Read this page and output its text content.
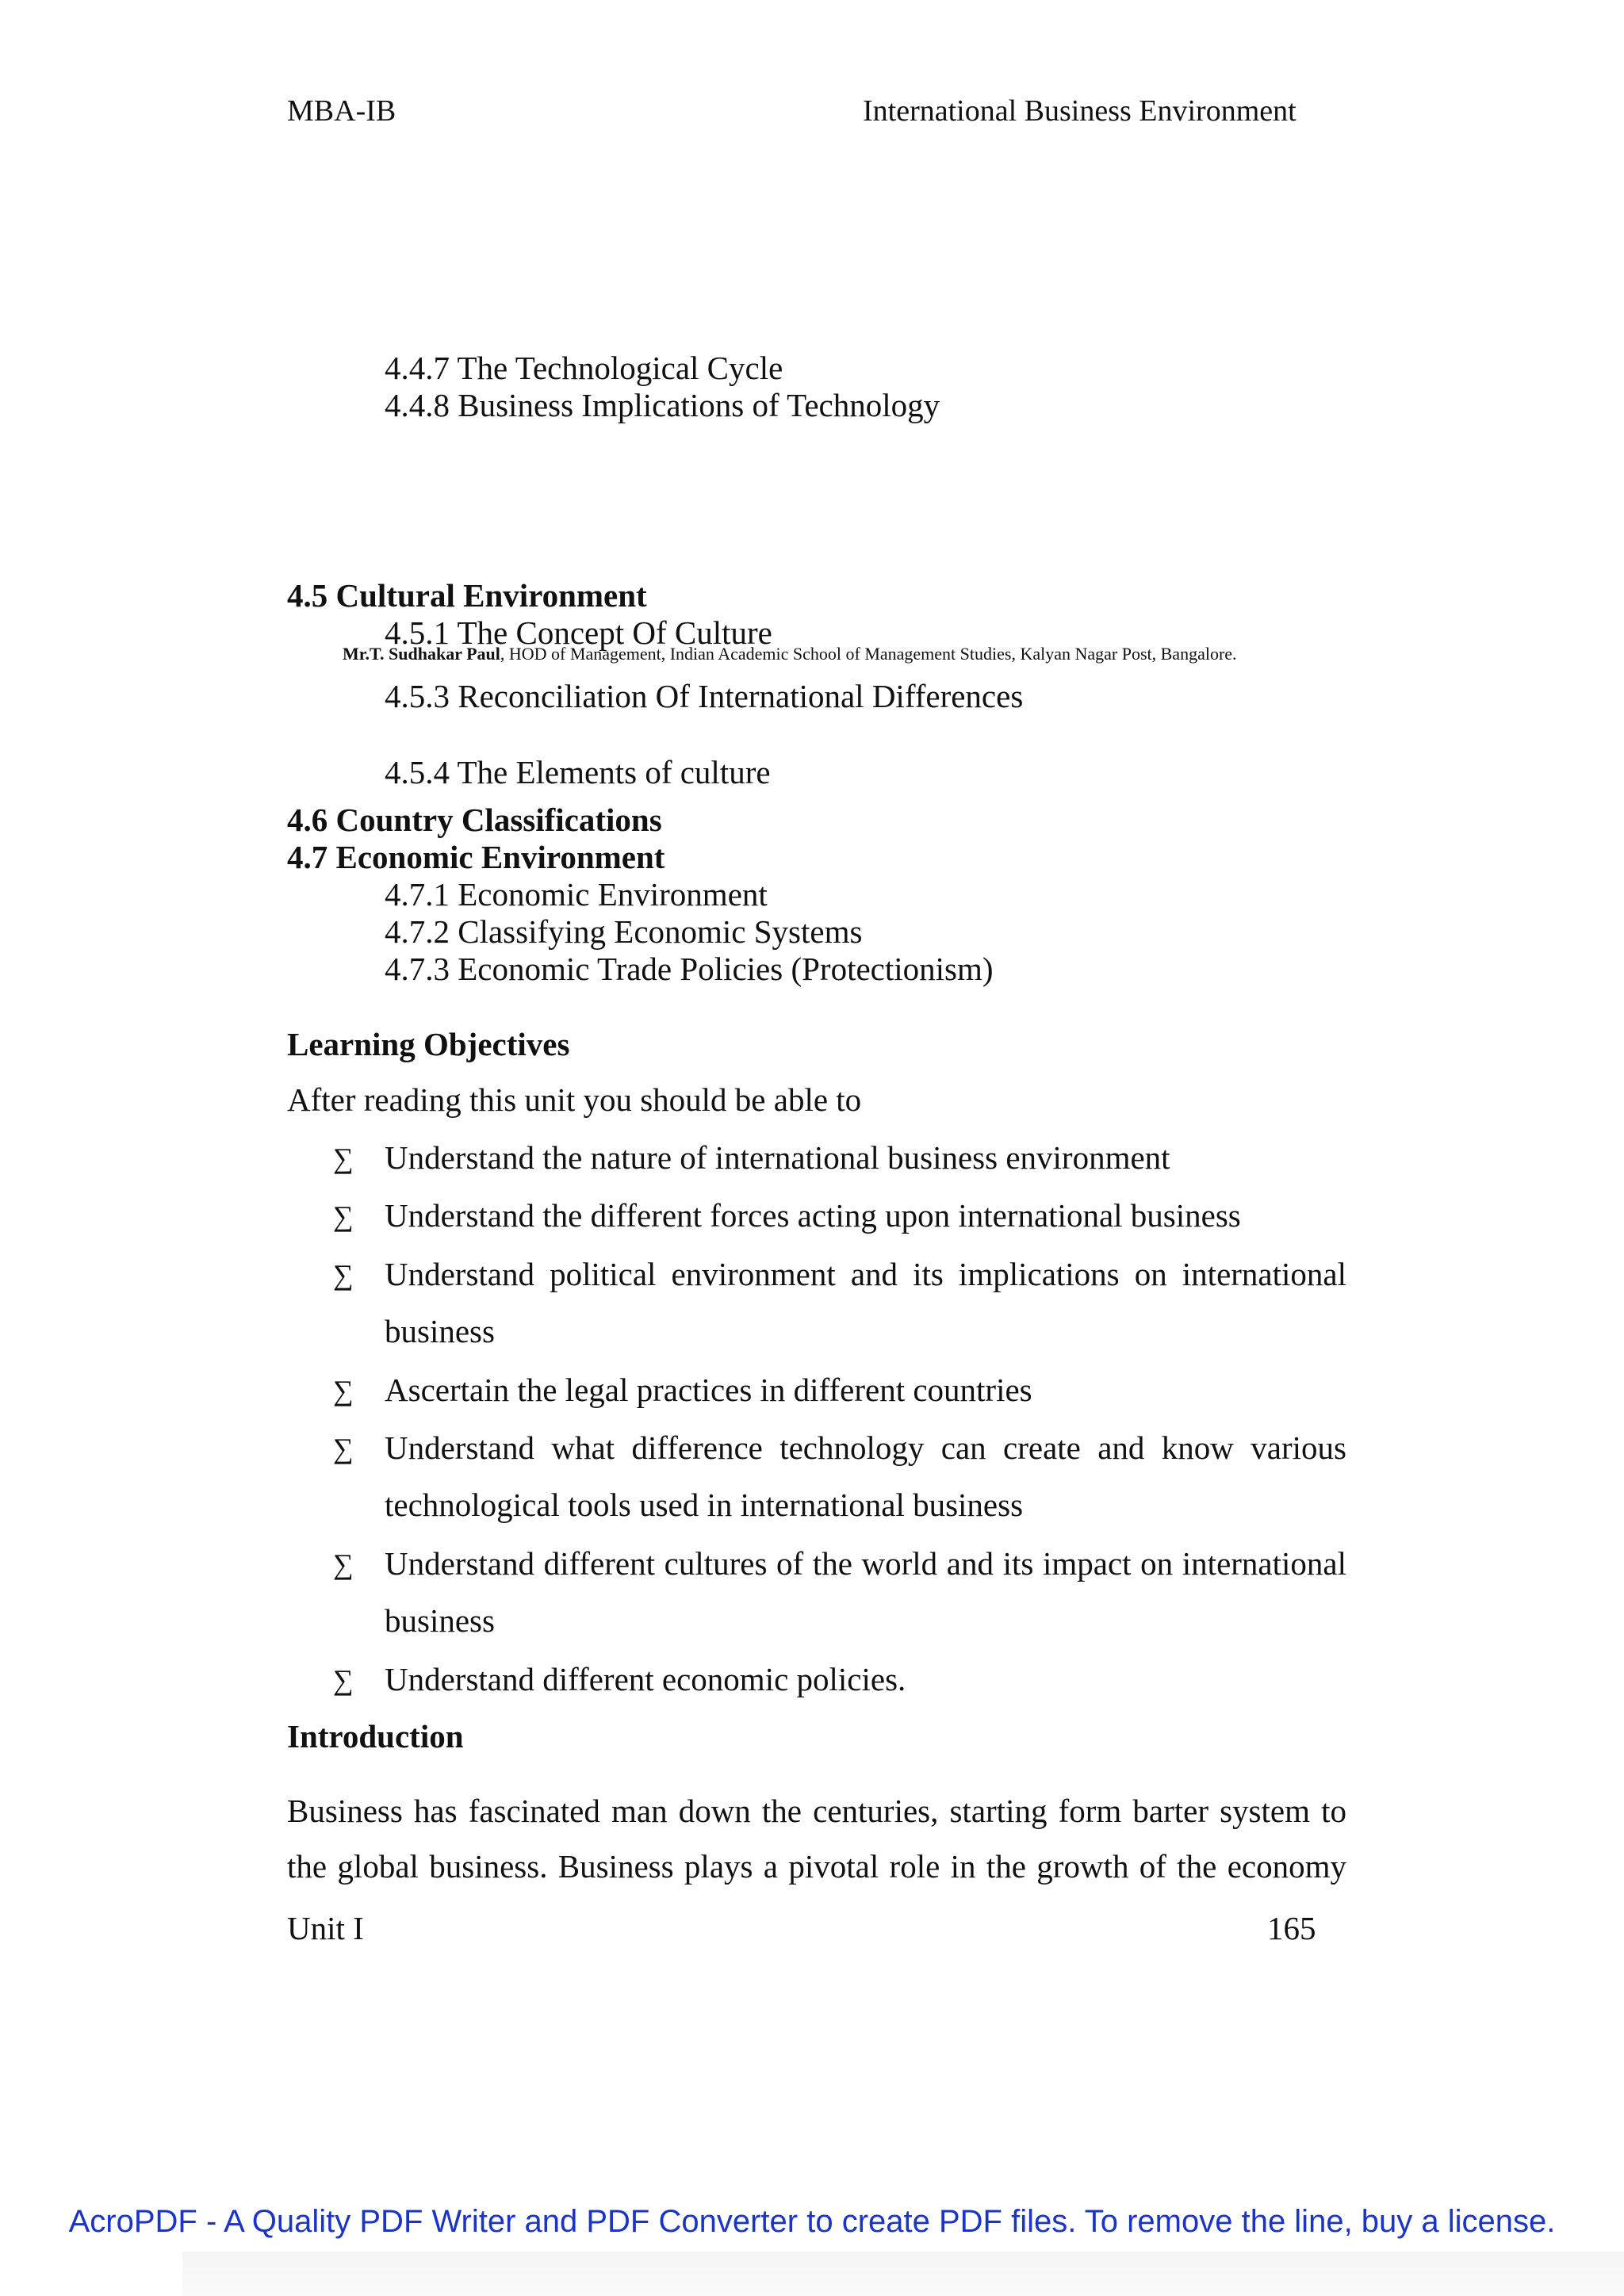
MBA-IB	International Business Environment
4.4.7 The Technological Cycle
4.4.8 Business Implications of Technology
4.5 Cultural Environment
4.5.1 The Concept Of Culture
Mr.T. Sudhakar Paul, HOD of Management, Indian Academic School of Management Studies, Kalyan Nagar Post, Bangalore.
4.5.3 Reconciliation Of International Differences
4.5.4 The Elements of culture
4.6 Country Classifications
4.7 Economic Environment
4.7.1 Economic Environment
4.7.2 Classifying Economic Systems
4.7.3 Economic Trade Policies (Protectionism)
Learning Objectives
After reading this unit you should be able to
∑ Understand the nature of international business environment
∑ Understand the different forces acting upon international business
∑ Understand political environment and its implications on international
business
∑ Ascertain the legal practices in different countries
∑ Understand what difference technology can create and know various
technological tools used in international business
∑ Understand different cultures of the world and its impact on international
business
∑ Understand different economic policies.
Introduction
Business has fascinated man down the centuries, starting form barter system to
the global business. Business plays a pivotal role in the growth of the economy
Unit I	165
AcroPDF - A Quality PDF Writer and PDF Converter to create PDF files. To remove the line, buy a license.
